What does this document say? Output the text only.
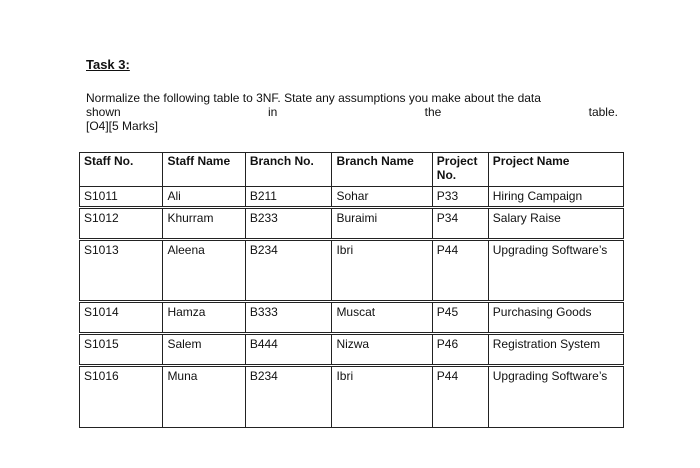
Task 3:
Normalize the following table to 3NF. State any assumptions you make about the data
shown	in	the	table.
[O4][5 Marks]
Staff No.	Staff Name	Branch No.	Branch Name	Project No.	Project Name
S1011	Ali	B211	Sohar	P33	Hiring Campaign
S1012	Khurram	B233	Buraimi	P34	Salary Raise
S1013	Aleena	B234	Ibri	P44	Upgrading Software’s
S1014	Hamza	B333	Muscat	P45	Purchasing Goods
S1015	Salem	B444	Nizwa	P46	Registration System
S1016	Muna	B234	Ibri	P44	Upgrading Software’s
